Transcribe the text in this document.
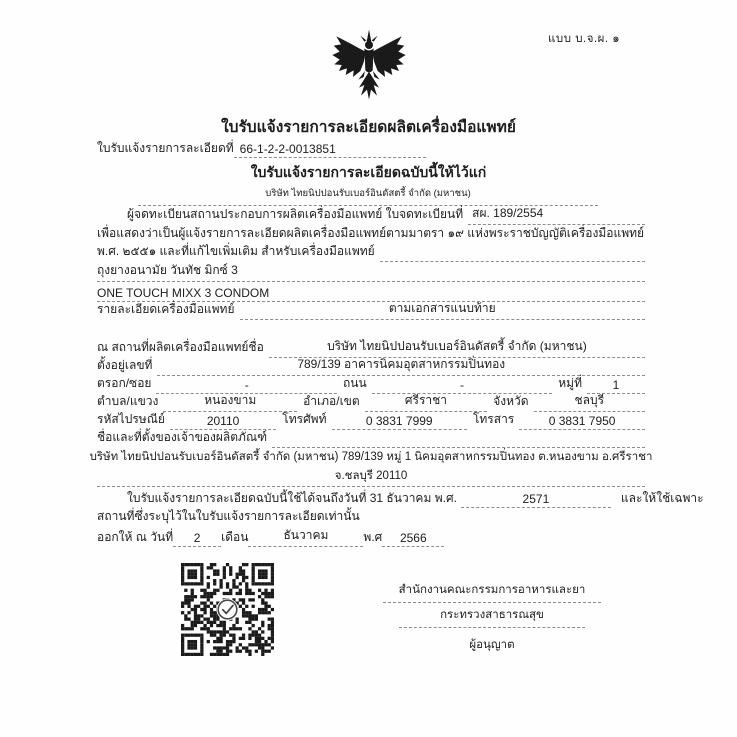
แบบ บ.จ.ผ. ๑
ใบรับแจ้งรายการละเอียดผลิตเครื่องมือแพทย์
ใบรับแจ้งรายการละเอียดที่ 66-1-2-2-0013851
ใบรับแจ้งรายการละเอียดฉบับนี้ให้ไว้แก่
บริษัท ไทยนิปปอนรับเบอร์อินดัสตรี้ จำกัด (มหาชน)
ผู้จดทะเบียนสถานประกอบการผลิตเครื่องมือแพทย์ ใบจดทะเบียนที่ สผ. 189/2554
เพื่อแสดงว่าเป็นผู้แจ้งรายการละเอียดผลิตเครื่องมือแพทย์ตามมาตรา ๑๙ แห่งพระราชบัญญัติเครื่องมือแพทย์
พ.ศ. ๒๕๕๑ และที่แก้ไขเพิ่มเติม สำหรับเครื่องมือแพทย์
ถุงยางอนามัย วันทัช มิกซ์ 3
ONE TOUCH MIXX 3 CONDOM
รายละเอียดเครื่องมือแพทย์	ตามเอกสารแนบท้าย
ณ สถานที่ผลิตเครื่องมือแพทย์ชื่อ	บริษัท ไทยนิปปอนรับเบอร์อินดัสตรี้ จำกัด (มหาชน)
ตั้งอยู่เลขที่	789/139 อาคารนิคมอุตสาหกรรมปิ่นทอง
ตรอก/ซอย	-	ถนน	-	หมู่ที่	1
ตำบล/แขวง	หนองขาม	อำเภอ/เขต	ศรีราชา	จังหวัด	ชลบุรี
รหัสไปรษณีย์	20110	โทรศัพท์	0 3831 7999	โทรสาร	0 3831 7950
ชื่อและที่ตั้งของเจ้าของผลิตภัณฑ์
บริษัท ไทยนิปปอนรับเบอร์อินดัสตรี้ จำกัด (มหาชน) 789/139 หมู่ 1 นิคมอุตสาหกรรมปิ่นทอง ต.หนองขาม อ.ศรีราชา
จ.ชลบุรี 20110
ใบรับแจ้งรายการละเอียดฉบับนี้ใช้ได้จนถึงวันที่ 31 ธันวาคม พ.ศ.	2571	และให้ใช้เฉพาะ
สถานที่ซึ่งระบุไว้ในใบรับแจ้งรายการละเอียดเท่านั้น
ออกให้ ณ วันที่	2	เดือน	ธันวาคม	พ.ศ	2566
สำนักงานคณะกรรมการอาหารและยา
กระทรวงสาธารณสุข
ผู้อนุญาต
